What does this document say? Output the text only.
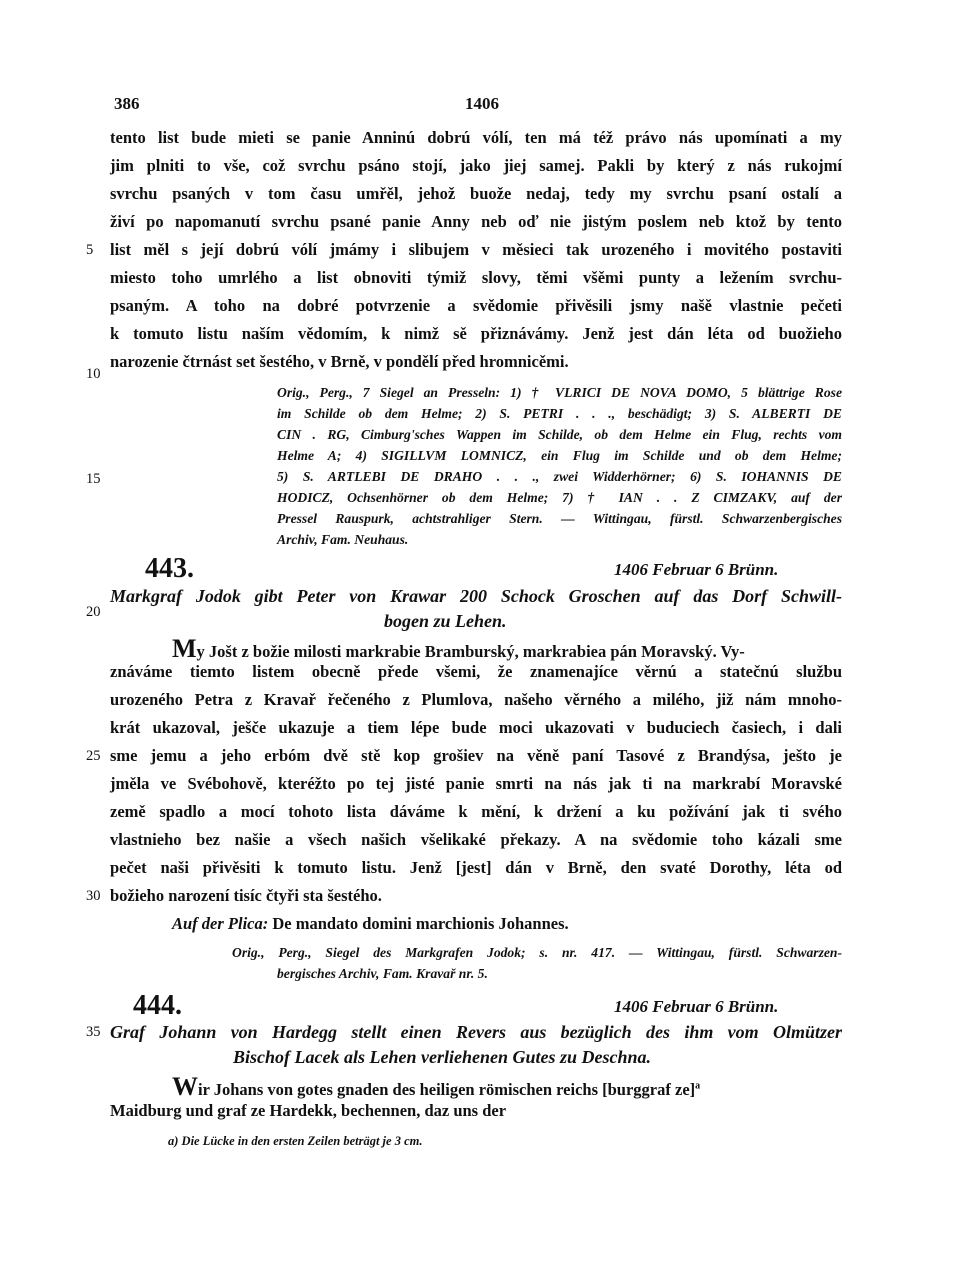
386	1406
tento list bude mieti se panie Anninú dobrú vólí, ten má též právo nás upomínati a my
jim plniti to vše, což svrchu psáno stojí, jako jiej samej. Pakli by který z nás rukojmí
svrchu psaných v tom času umřěl, jehož buože nedaj, tedy my svrchu psaní ostalí a
živí po napomanutí svrchu psané panie Anny neb oď nie jistým poslem neb ktož by tento
list měl s její dobrú vólí jmámy i slibujem v měsieci tak urozeného i movitého postaviti
miesto toho umrlého a list obnoviti týmiž slovy, těmi všěmi punty a ležením svrchu-
psaným. A toho na dobré potvrzenie a svědomie přivěsili jsmy našě vlastnie pečeti
k tomuto listu naším vědomím, k nimž sě přiznávámy. Jenž jest dán léta od buožieho
narozenie čtrnást set šestého, v Brně, v pondělí před hromnicěmi.
Orig., Perg., 7 Siegel an Presseln: 1) † VLRICI DE NOVA DOMO, 5 blättrige Rose
im Schilde ob dem Helme; 2) S. PETRI . . ., beschädigt; 3) S. ALBERTI DE
CIN . RG, Cimburg'sches Wappen im Schilde, ob dem Helme ein Flug, rechts vom
Helme A; 4) SIGILLVM LOMNICZ, ein Flug im Schilde und ob dem Helme;
5) S. ARTLEBI DE DRAHO . . ., zwei Widderhörner; 6) S. IOHANNIS DE
HODICZ, Ochsenhörner ob dem Helme; 7) † IAN . . Z CIMZAKV, auf der
Pressel Rauspurk, achtstrahliger Stern. — Wittingau, fürstl. Schwarzenbergisches
Archiv, Fam. Neuhaus.
443.	1406 Februar 6 Brünn.
Markgraf Jodok gibt Peter von Krawar 200 Schock Groschen auf das Dorf Schwill-
bogen zu Lehen.
My Jošt z božie milosti markrabie Bramburský, markrabiea pán Moravský. Vy-
znáváme tiemto listem obecně přede všemi, že znamenajíce věrnú a statečnú službu
urozeného Petra z Kravař řečeného z Plumlova, našeho věrného a milého, již nám mnoho-
krát ukazoval, ješče ukazuje a tiem lépe bude moci ukazovati v buduciech časiech, i dali
sme jemu a jeho erbóm dvě stě kop grošiev na věně paní Tasové z Brandýsa, ješto je
jměla ve Svébohově, kteréžto po tej jisté panie smrti na nás jak ti na markrabí Moravské
země spadlo a mocí tohoto lista dáváme k mění, k držení a ku požívání jak ti svého
vlastnieho bez našie a všech našich všelikaké překazy. A na svědomie toho kázali sme
pečet naši přivěsiti k tomuto listu. Jenž [jest] dán v Brně, den svaté Dorothy, léta od
božieho narození tisíc čtyři sta šestého.
Auf der Plica: De mandato domini marchionis Johannes.
Orig., Perg., Siegel des Markgrafen Jodok; s. nr. 417. — Wittingau, fürstl. Schwarzen-
bergisches Archiv, Fam. Kravař nr. 5.
444.	1406 Februar 6 Brünn.
Graf Johann von Hardegg stellt einen Revers aus bezüglich des ihm vom Olmützer
Bischof Lacek als Lehen verliehenen Gutes zu Deschna.
Wir Johans von gotes gnaden des heiligen römischen reichs [burggraf ze]$^a$
Maidburg und graf ze Hardekk, bechennen, daz uns der
a) Die Lücke in den ersten Zeilen beträgt je 3 cm.
5
10
15
20
25
30
35
